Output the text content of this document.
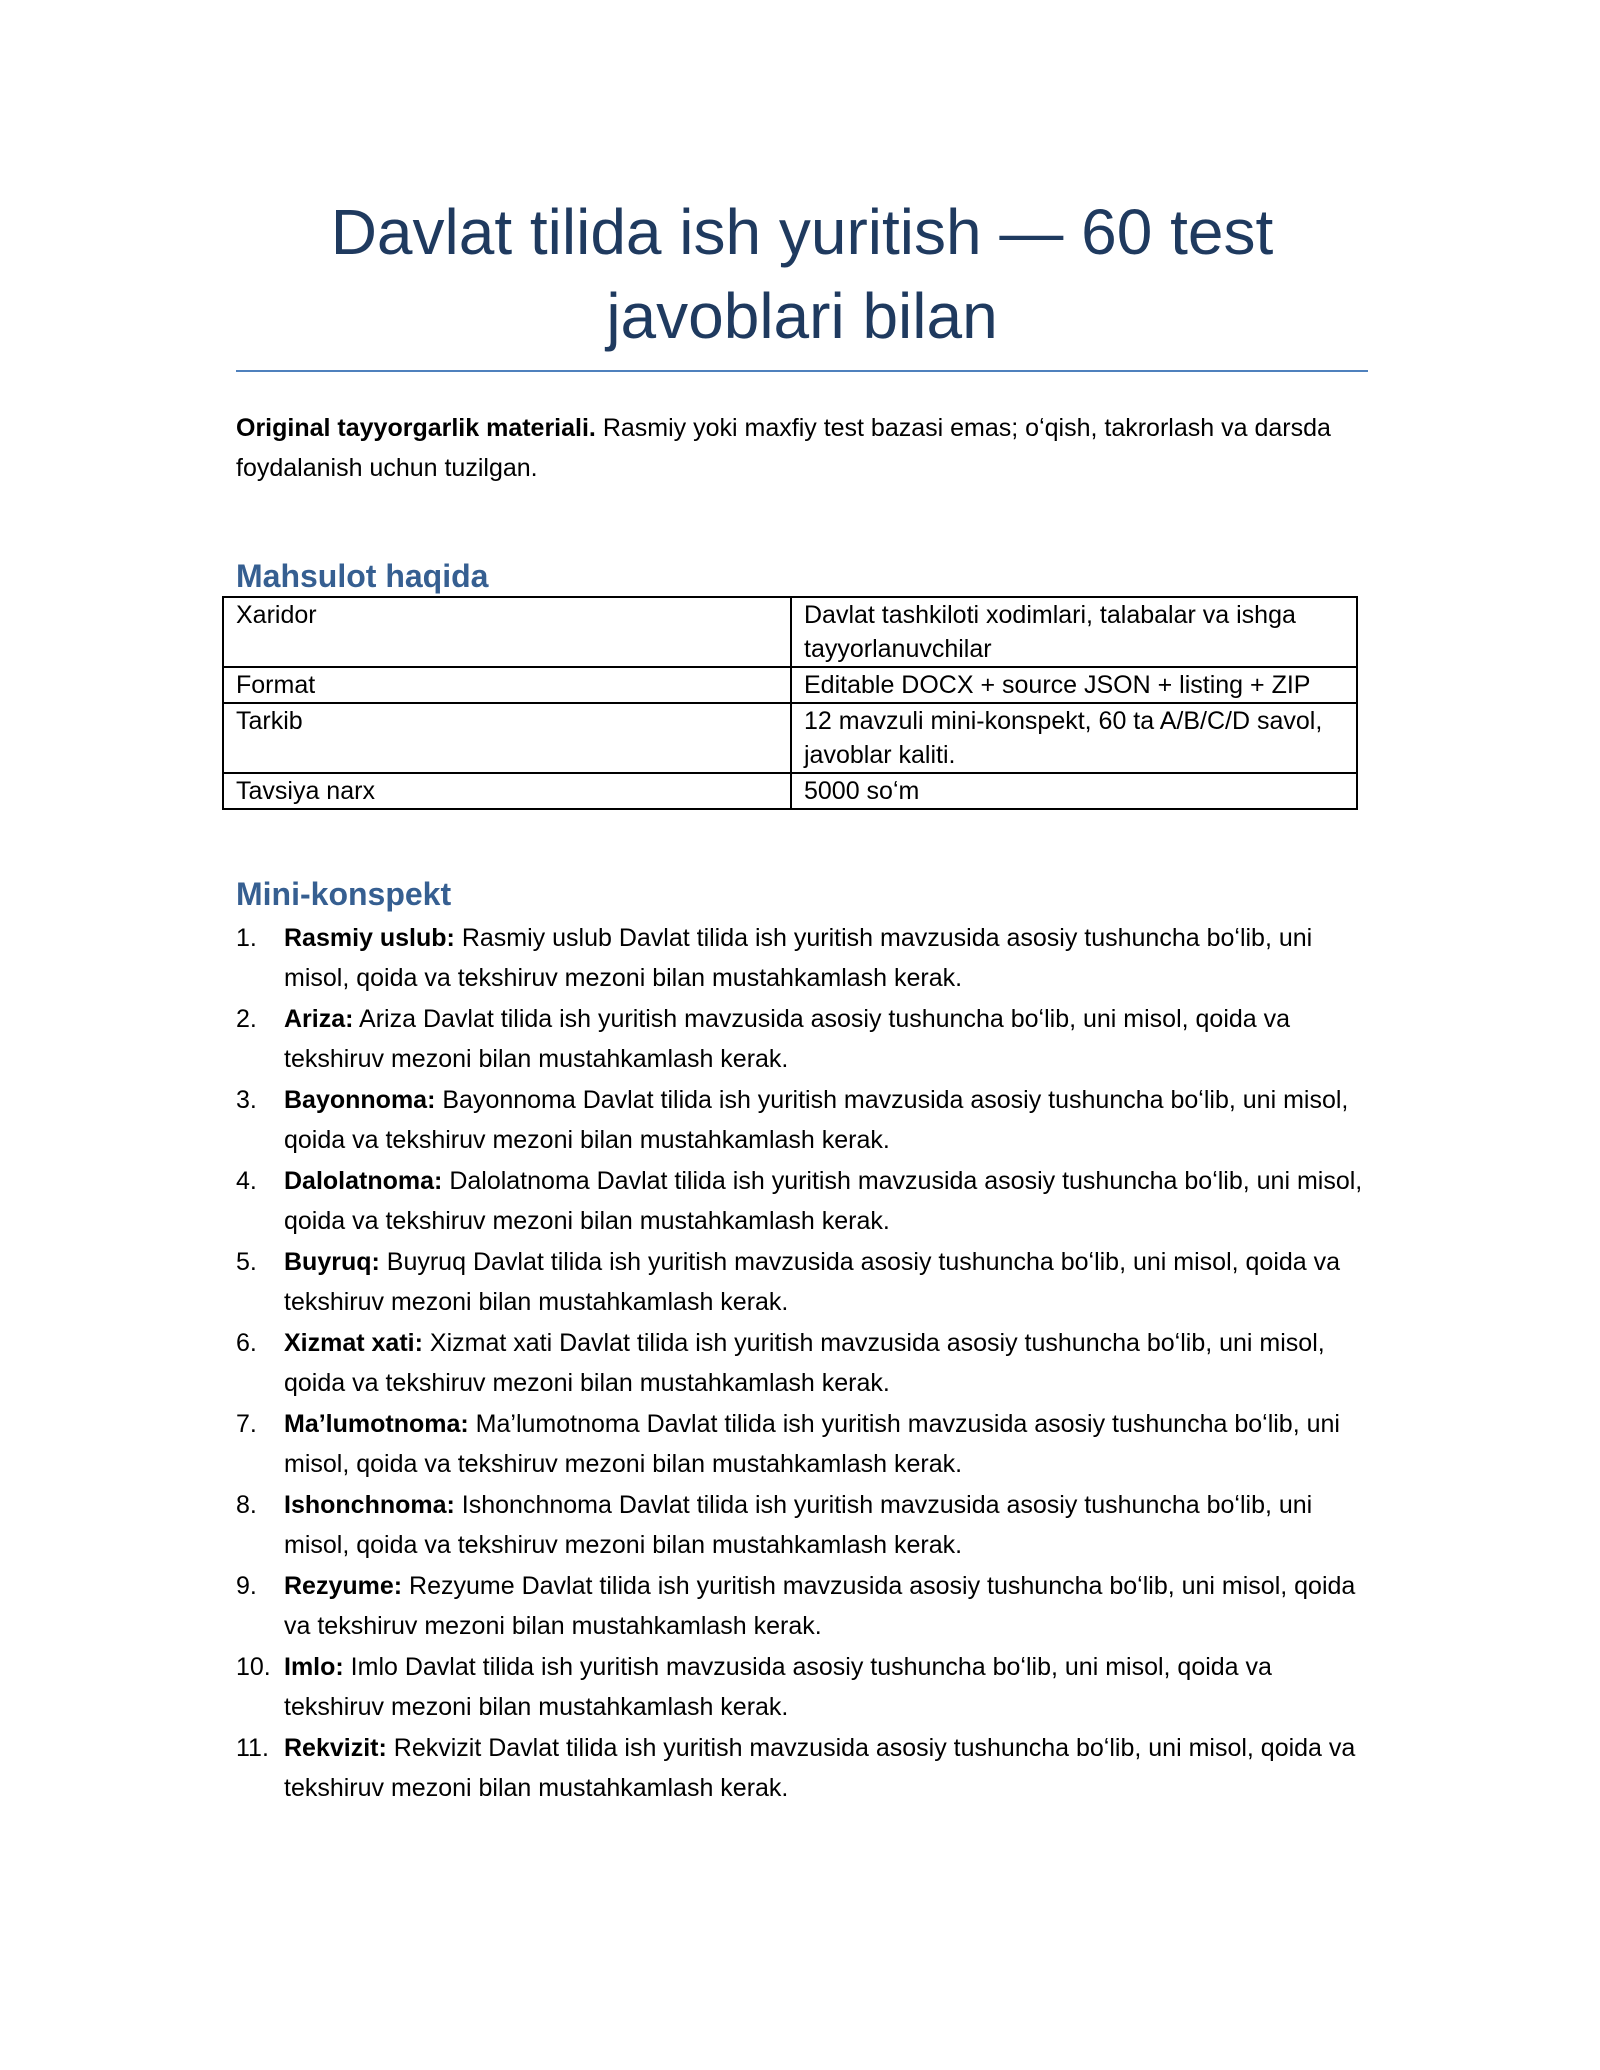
Davlat tilida ish yuritish — 60 test javoblari bilan

Original tayyorgarlik materiali. Rasmiy yoki maxfiy test bazasi emas; oʻqish, takrorlash va darsda foydalanish uchun tuzilgan.

Mahsulot haqida
Xaridor	Davlat tashkiloti xodimlari, talabalar va ishga tayyorlanuvchilar
Format	Editable DOCX + source JSON + listing + ZIP
Tarkib	12 mavzuli mini-konspekt, 60 ta A/B/C/D savol, javoblar kaliti.
Tavsiya narx	5000 soʻm
Mini-konspekt
1. Rasmiy uslub: Rasmiy uslub Davlat tilida ish yuritish mavzusida asosiy tushuncha boʻlib, uni misol, qoida va tekshiruv mezoni bilan mustahkamlash kerak.
2. Ariza: Ariza Davlat tilida ish yuritish mavzusida asosiy tushuncha boʻlib, uni misol, qoida va tekshiruv mezoni bilan mustahkamlash kerak.
3. Bayonnoma: Bayonnoma Davlat tilida ish yuritish mavzusida asosiy tushuncha boʻlib, uni misol, qoida va tekshiruv mezoni bilan mustahkamlash kerak.
4. Dalolatnoma: Dalolatnoma Davlat tilida ish yuritish mavzusida asosiy tushuncha boʻlib, uni misol, qoida va tekshiruv mezoni bilan mustahkamlash kerak.
5. Buyruq: Buyruq Davlat tilida ish yuritish mavzusida asosiy tushuncha boʻlib, uni misol, qoida va tekshiruv mezoni bilan mustahkamlash kerak.
6. Xizmat xati: Xizmat xati Davlat tilida ish yuritish mavzusida asosiy tushuncha boʻlib, uni misol, qoida va tekshiruv mezoni bilan mustahkamlash kerak.
7. Ma’lumotnoma: Ma’lumotnoma Davlat tilida ish yuritish mavzusida asosiy tushuncha boʻlib, uni misol, qoida va tekshiruv mezoni bilan mustahkamlash kerak.
8. Ishonchnoma: Ishonchnoma Davlat tilida ish yuritish mavzusida asosiy tushuncha boʻlib, uni misol, qoida va tekshiruv mezoni bilan mustahkamlash kerak.
9. Rezyume: Rezyume Davlat tilida ish yuritish mavzusida asosiy tushuncha boʻlib, uni misol, qoida va tekshiruv mezoni bilan mustahkamlash kerak.
10. Imlo: Imlo Davlat tilida ish yuritish mavzusida asosiy tushuncha boʻlib, uni misol, qoida va tekshiruv mezoni bilan mustahkamlash kerak.
11. Rekvizit: Rekvizit Davlat tilida ish yuritish mavzusida asosiy tushuncha boʻlib, uni misol, qoida va tekshiruv mezoni bilan mustahkamlash kerak.
